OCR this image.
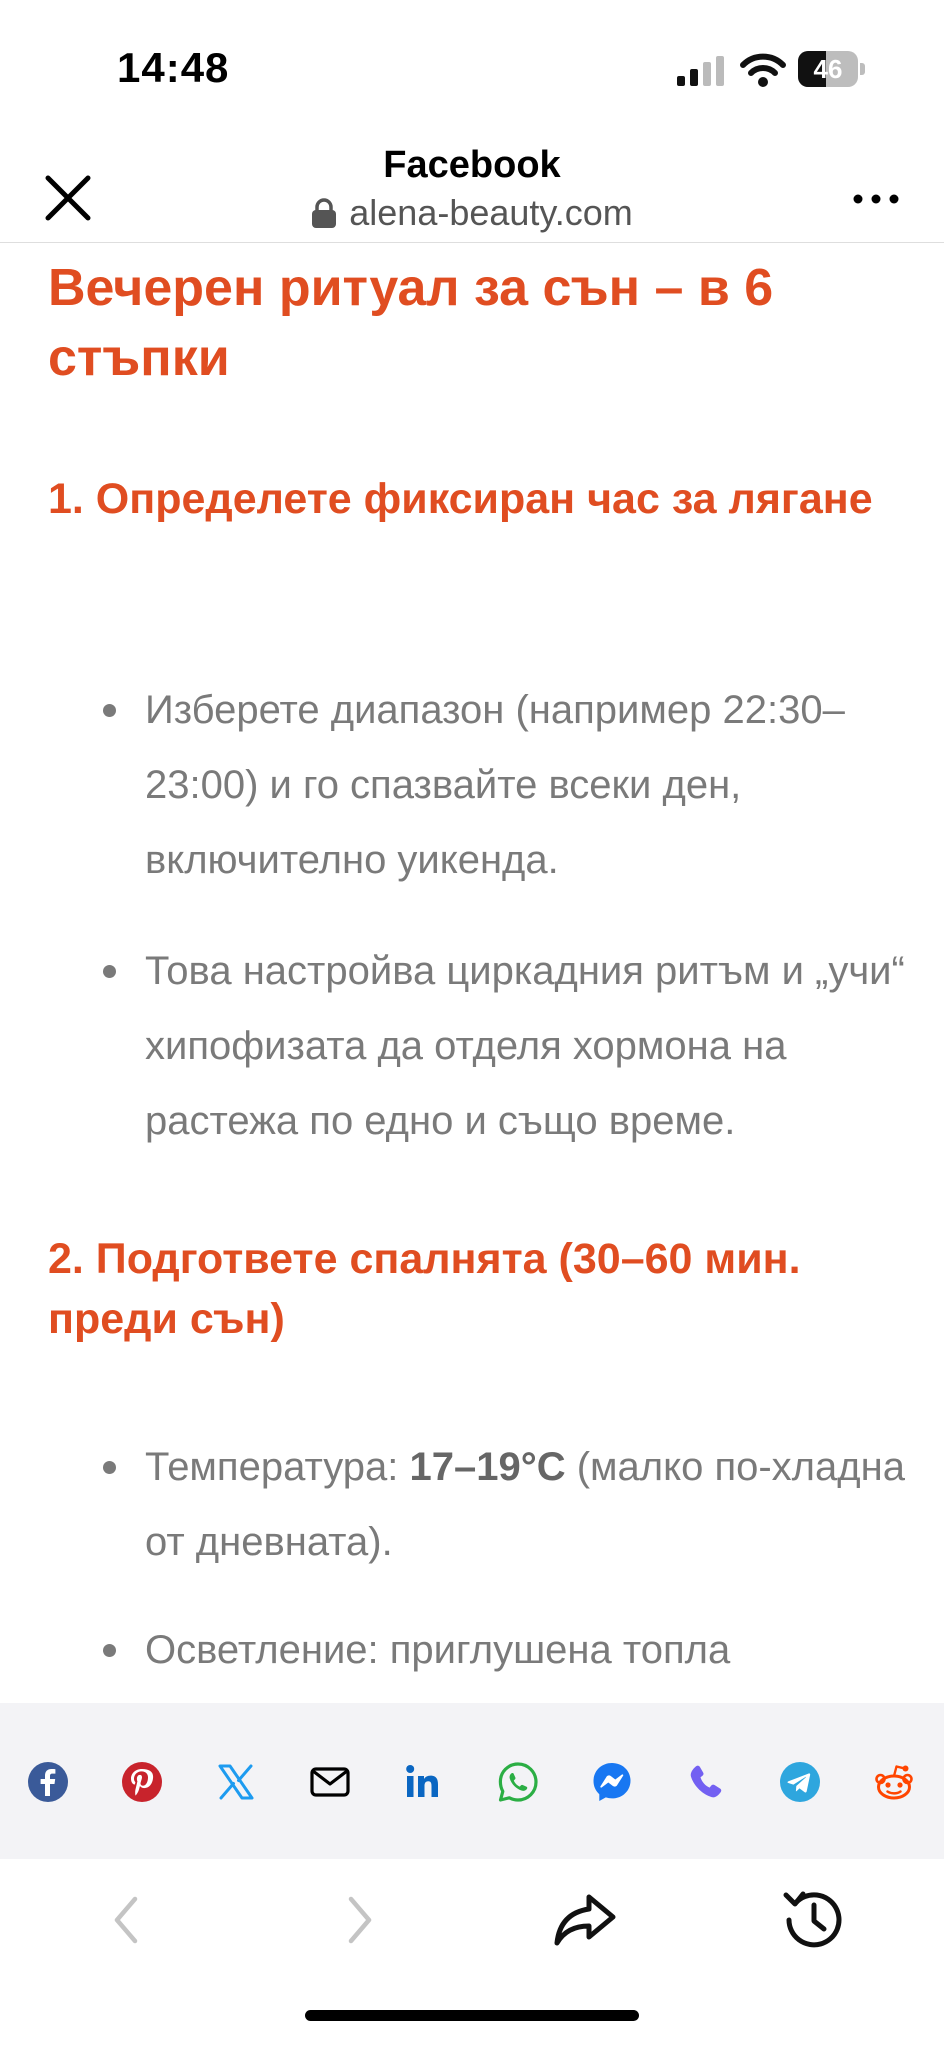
14:48	46
Facebook
alena-beauty.com
Вечерен ритуал за сън – в 6 стъпки
1. Определете фиксиран час за лягане
Изберете диапазон (например 22:30–23:00) и го спазвайте всеки ден, включително уикенда.
Това настройва циркадния ритъм и „учи“ хипофизата да отделя хормона на растежа по едно и също време.
2. Подгответе спалнята (30–60 мин. преди сън)
Температура: 17–19°C (малко по-хладна от дневната).
Осветление: приглушена топла
